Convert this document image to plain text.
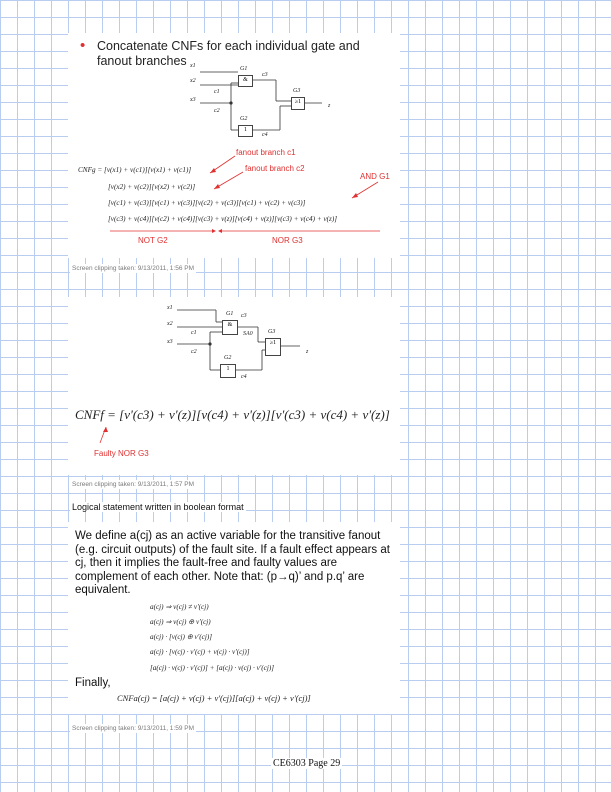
• Concatenate CNFs for each individual gate and fanout branches
&
1
≥1
G1
G2
G3
x1
x2
x3
c1
c2
c3
c4
z
CNFg = [v(x1) + v(c1)][v(x1) + v(c1)]
[v(x2) + v(c2)][v(x2) + v(c2)]
[v(c1) + v(c3)][v(c1) + v(c3)][v(c2) + v(c3)][v(c1) + v(c2) + v(c3)]
[v(c3) + v(c4)][v(c2) + v(c4)][v(c3) + v(z)][v(c4) + v(z)][v(c3) + v(c4) + v(z)]
fanout branch c1
fanout branch c2
AND G1
NOT G2	NOR G3
Screen clipping taken: 9/13/2011, 1:56 PM
&
1
≥1
G1
G2
G3
x1
x2
x3
c1
c2
c3
c4
z
SA0
CNFf = [v'(c3) + v'(z)][v(c4) + v'(z)][v'(c3) + v(c4) + v'(z)]
Faulty NOR G3
Screen clipping taken: 9/13/2011, 1:57 PM
Logical statement written in boolean format
We define a(cj) as an active variable for the transitive fanout (e.g. circuit outputs) of the fault site. If a fault effect appears at cj, then it implies the fault-free and faulty values are complement of each other. Note that: (p→q)’ and p.q’ are equivalent.
a(cj) ⇒ v(cj) ≠ v'(cj)
a(cj) ⇒ v(cj) ⊕ v'(cj)
a(cj) · [v(cj) ⊕ v'(cj)]
a(cj) · [v(cj) · v'(cj) + v(cj) · v'(cj)]
[a(cj) · v(cj) · v'(cj)] + [a(cj) · v(cj) · v'(cj)]
Finally,
CNFa(cj) = [a(cj) + v(cj) + v'(cj)][a(cj) + v(cj) + v'(cj)]
Screen clipping taken: 9/13/2011, 1:59 PM
CE6303 Page 29
